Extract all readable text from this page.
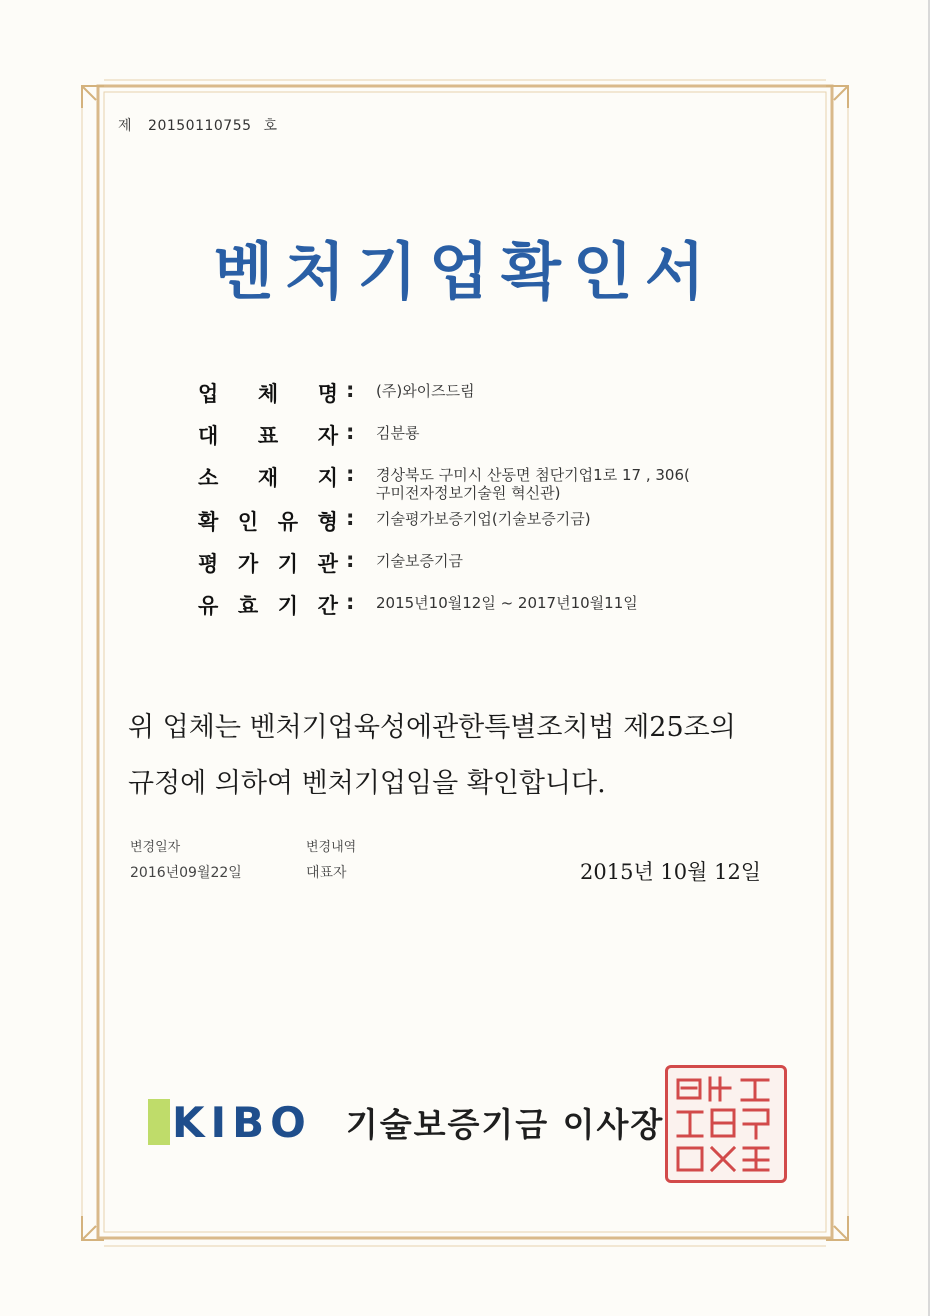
제 20150110755 호
벤처기업확인서
업 체 명 : (주)와이즈드림
대 표 자 : 김분룡
소 재 지 : 경상북도 구미시 산동면 첨단기업1로 17 , 306(
구미전자정보기술원 혁신관)
확 인 유 형 : 기술평가보증기업(기술보증기금)
평 가 기 관 : 기술보증기금
유 효 기 간 : 2015년10월12일 ~ 2017년10월11일
위 업체는 벤처기업육성에관한특별조치법 제25조의
규정에 의하여 벤처기업임을 확인합니다.
변경일자	변경내역
2016년09월22일	대표자	2015년 10월 12일
KIBO 기술보증기금 이사장
